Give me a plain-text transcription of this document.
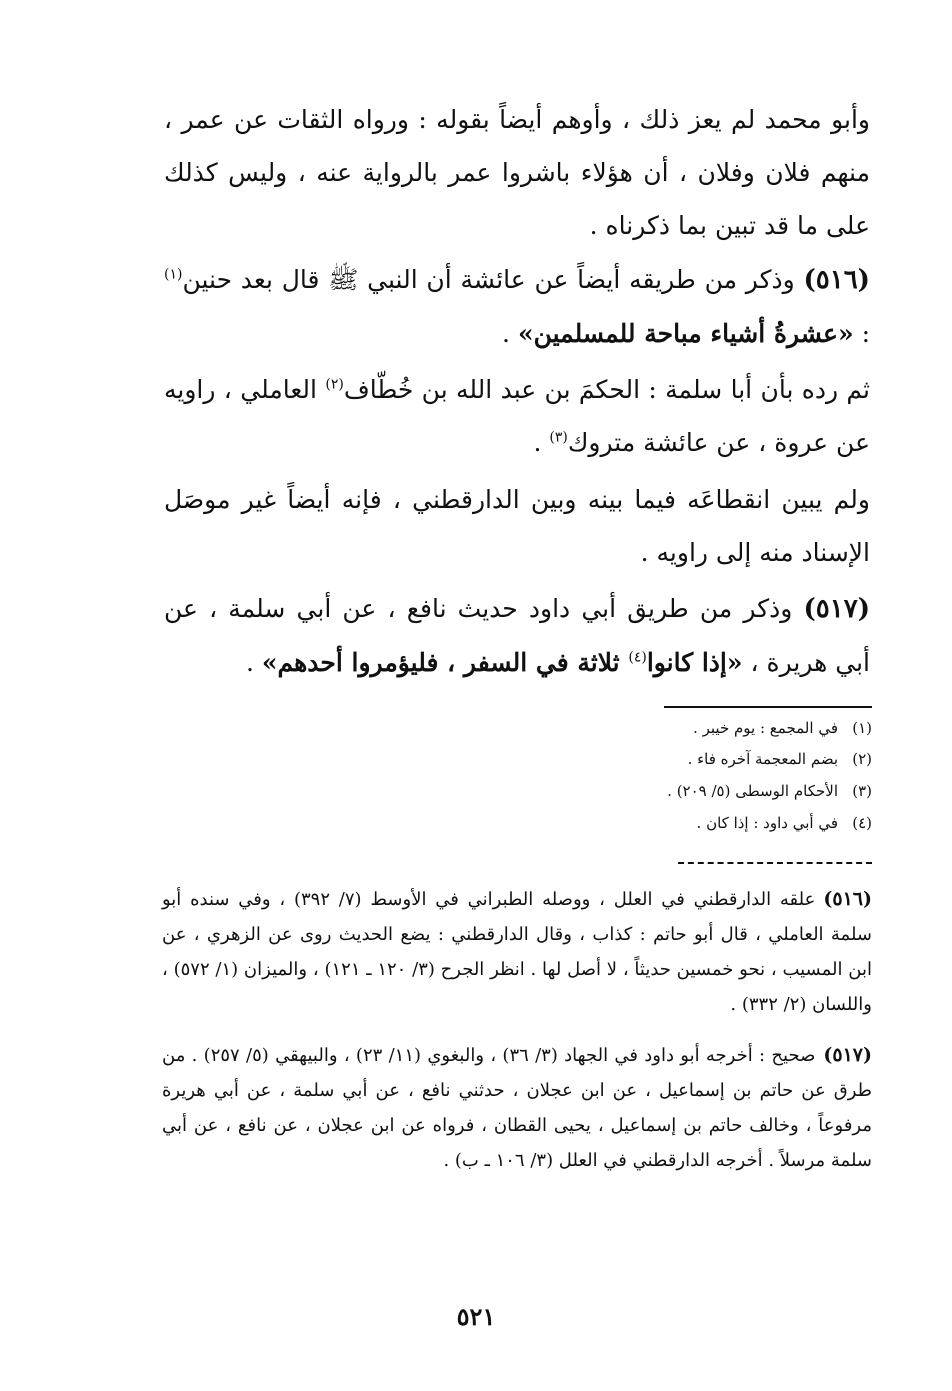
وأبو محمد لم يعز ذلك ، وأوهم أيضاً بقوله : ورواه الثقات عن عمر ، منهم فلان وفلان ، أن هؤلاء باشروا عمر بالرواية عنه ، وليس كذلك على ما قد تبين بما ذكرناه .
(٥١٦) وذكر من طريقه أيضاً عن عائشة أن النبي ﷺ قال بعد حنين$^{(١)}$ : «عشرةُ أشياء مباحة للمسلمين» .
ثم رده بأن أبا سلمة : الحكمَ بن عبد الله بن خُطّاف$^{(٢)}$ العاملي ، راويه عن عروة ، عن عائشة متروك$^{(٣)}$ .
ولم يبين انقطاعَه فيما بينه وبين الدارقطني ، فإنه أيضاً غير موصَل الإسناد منه إلى راويه .
(٥١٧) وذكر من طريق أبي داود حديث نافع ، عن أبي سلمة ، عن أبي هريرة ، «إذا كانوا$^{(٤)}$ ثلاثة في السفر ، فليؤمروا أحدهم» .
(١)في المجمع : يوم خيبر .
(٢)بضم المعجمة آخره فاء .
(٣)الأحكام الوسطى (٥/ ٢٠٩) .
(٤)في أبي داود : إذا كان .
(٥١٦)علقه الدارقطني في العلل ، ووصله الطبراني في الأوسط (٧/ ٣٩٢) ، وفي سنده أبو سلمة العاملي ، قال أبو حاتم : كذاب ، وقال الدارقطني : يضع الحديث روى عن الزهري ، عن ابن المسيب ، نحو خمسين حديثاً ، لا أصل لها . انظر الجرح (٣/ ١٢٠ ـ ١٢١) ، والميزان (١/ ٥٧٢) ، واللسان (٢/ ٣٣٢) .
(٥١٧)صحيح : أخرجه أبو داود في الجهاد (٣/ ٣٦) ، والبغوي (١١/ ٢٣) ، والبيهقي (٥/ ٢٥٧) . من طرق عن حاتم بن إسماعيل ، عن ابن عجلان ، حدثني نافع ، عن أبي سلمة ، عن أبي هريرة مرفوعاً ، وخالف حاتم بن إسماعيل ، يحيى القطان ، فرواه عن ابن عجلان ، عن نافع ، عن أبي سلمة مرسلاً . أخرجه الدارقطني في العلل (٣/ ١٠٦ ـ ب) .
٥٢١
